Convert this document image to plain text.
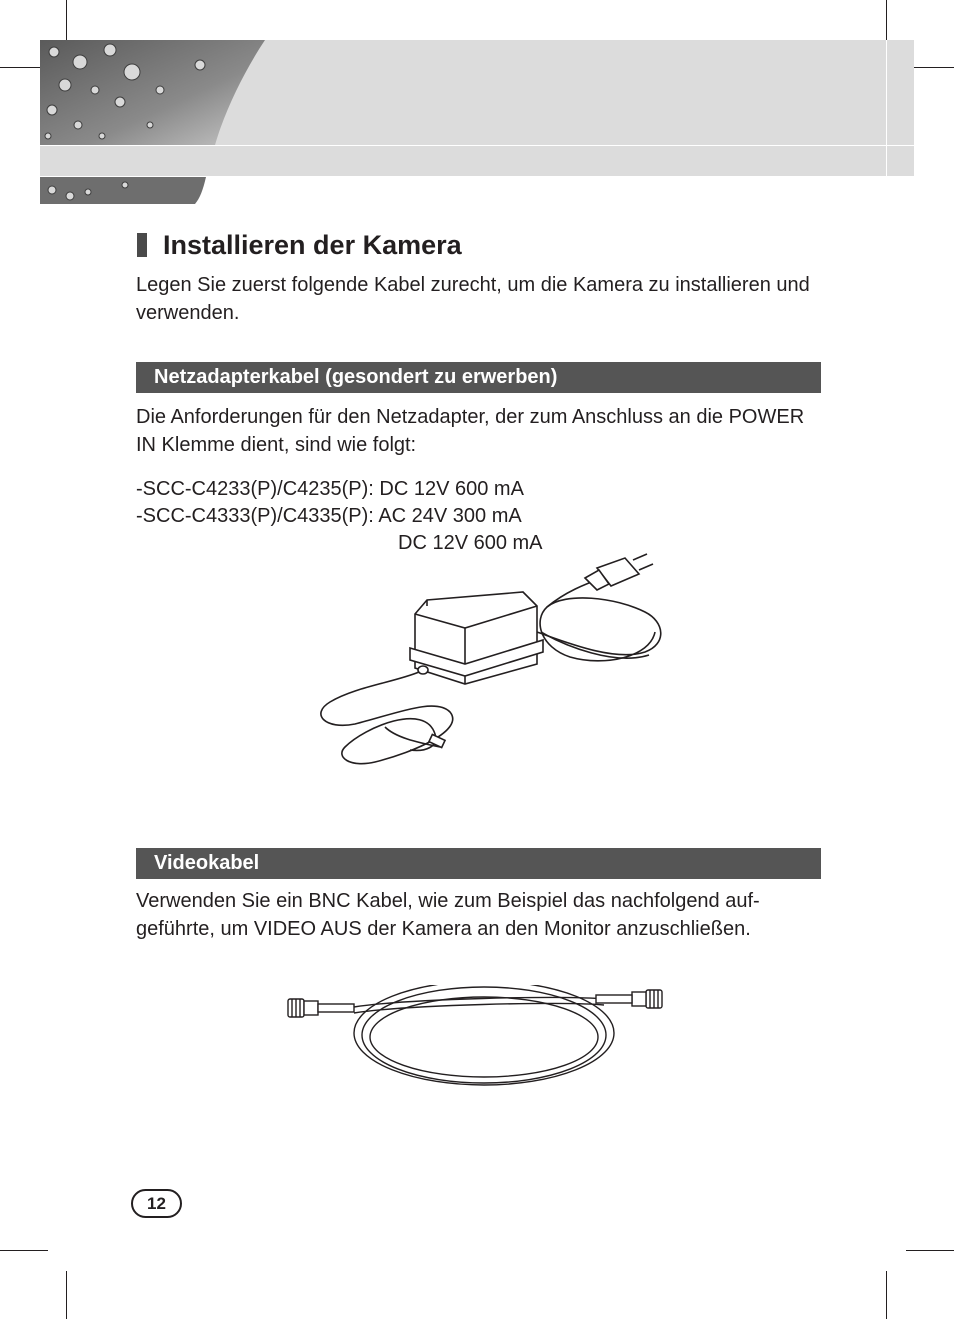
Installieren der Kamera
Legen Sie zuerst folgende Kabel zurecht, um die Kamera zu installieren und verwenden.
Netzadapterkabel (gesondert zu erwerben)
Die Anforderungen für den Netzadapter, der zum Anschluss an die POWER IN Klemme dient, sind wie folgt:
-SCC-C4233(P)/C4235(P): DC 12V 600 mA
-SCC-C4333(P)/C4335(P): AC 24V 300 mA
DC 12V 600 mA
Videokabel
Verwenden Sie ein BNC Kabel, wie zum Beispiel das nachfolgend auf-geführte, um VIDEO AUS der Kamera an den Monitor anzuschließen.
12
